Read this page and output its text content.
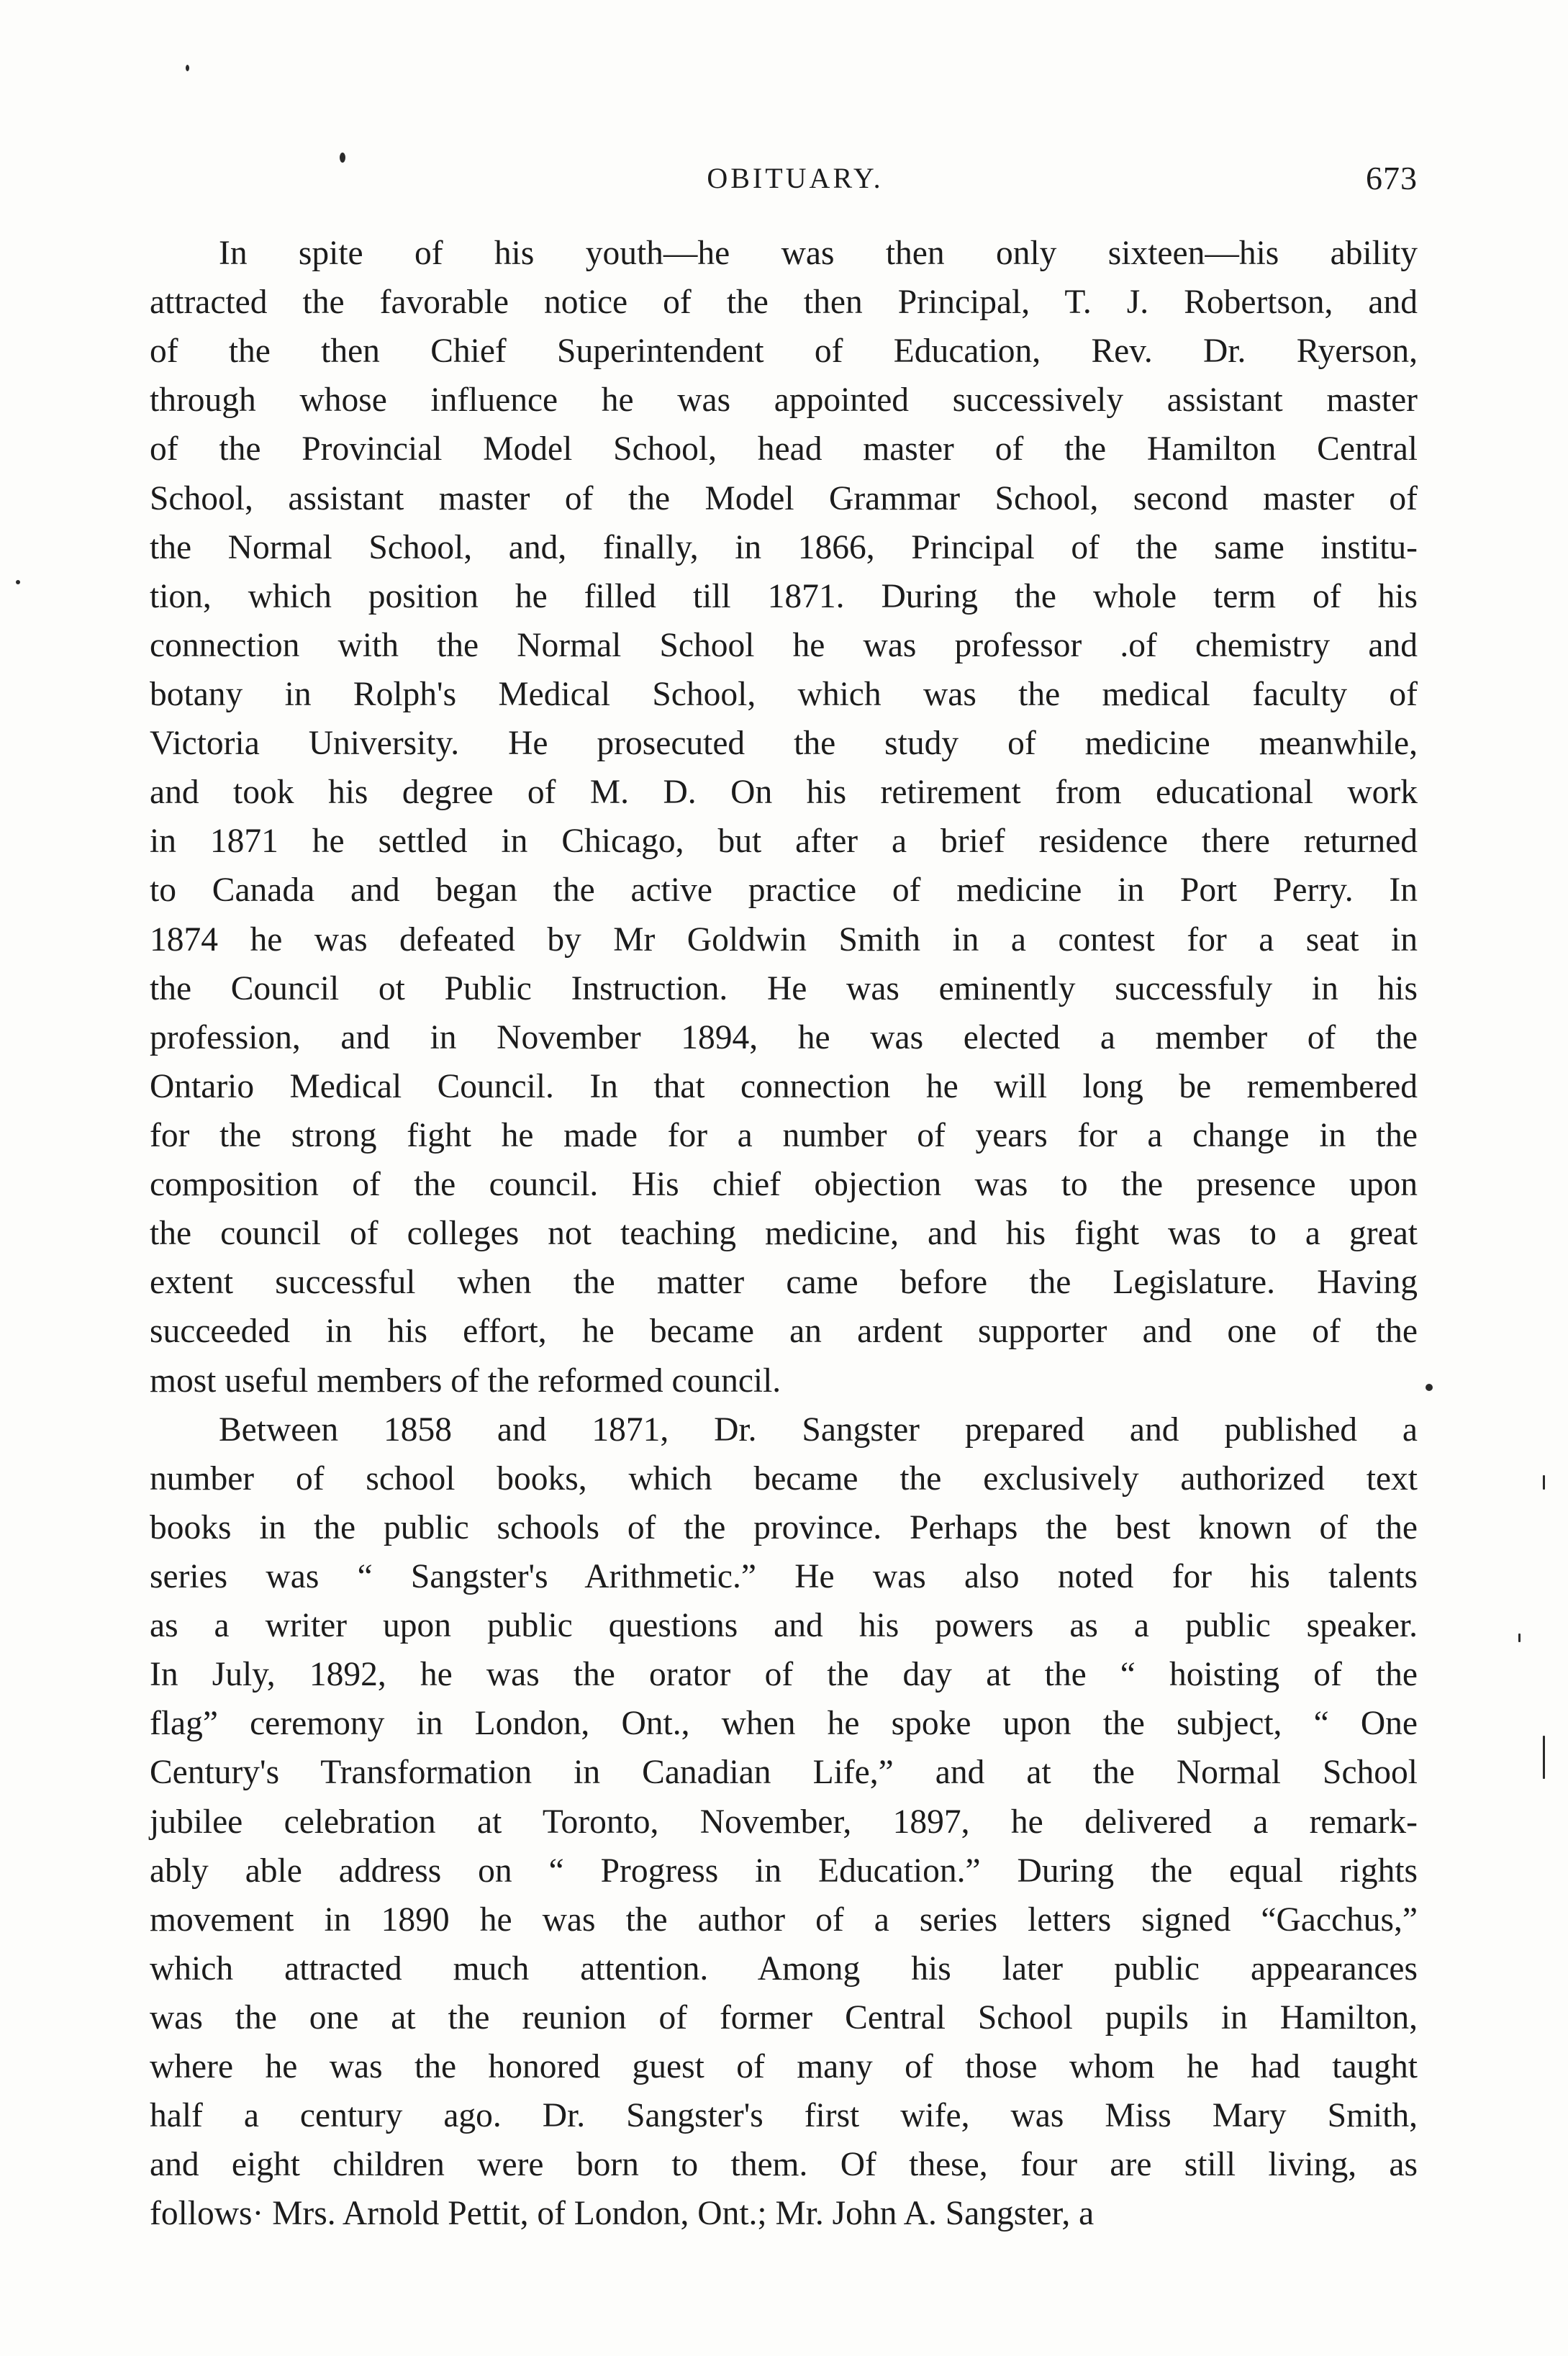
OBITUARY.	673
In spite of his youth—he was then only sixteen—his ability
attracted the favorable notice of the then Principal, T. J. Robertson, and
of the then Chief Superintendent of Education, Rev. Dr. Ryerson,
through whose influence he was appointed successively assistant master
of the Provincial Model School, head master of the Hamilton Central
School, assistant master of the Model Grammar School, second master of
the Normal School, and, finally, in 1866, Principal of the same institu-
tion, which position he filled till 1871. During the whole term of his
connection with the Normal School he was professor .of chemistry and
botany in Rolph's Medical School, which was the medical faculty of
Victoria University. He prosecuted the study of medicine meanwhile,
and took his degree of M. D. On his retirement from educational work
in 1871 he settled in Chicago, but after a brief residence there returned
to Canada and began the active practice of medicine in Port Perry. In
1874 he was defeated by Mr Goldwin Smith in a contest for a seat in
the Council ot Public Instruction. He was eminently successfuly in his
profession, and in November 1894, he was elected a member of the
Ontario Medical Council. In that connection he will long be remembered
for the strong fight he made for a number of years for a change in the
composition of the council. His chief objection was to the presence upon
the council of colleges not teaching medicine, and his fight was to a great
extent successful when the matter came before the Legislature. Having
succeeded in his effort, he became an ardent supporter and one of the
most useful members of the reformed council.
Between 1858 and 1871, Dr. Sangster prepared and published a
number of school books, which became the exclusively authorized text
books in the public schools of the province. Perhaps the best known of the
series was “ Sangster's Arithmetic.” He was also noted for his talents
as a writer upon public questions and his powers as a public speaker.
In July, 1892, he was the orator of the day at the “ hoisting of the
flag” ceremony in London, Ont., when he spoke upon the subject, “ One
Century's Transformation in Canadian Life,” and at the Normal School
jubilee celebration at Toronto, November, 1897, he delivered a remark-
ably able address on “ Progress in Education.” During the equal rights
movement in 1890 he was the author of a series letters signed “Gacchus,”
which attracted much attention. Among his later public appearances
was the one at the reunion of former Central School pupils in Hamilton,
where he was the honored guest of many of those whom he had taught
half a century ago. Dr. Sangster's first wife, was Miss Mary Smith,
and eight children were born to them. Of these, four are still living, as
follows· Mrs. Arnold Pettit, of London, Ont.; Mr. John A. Sangster, a
